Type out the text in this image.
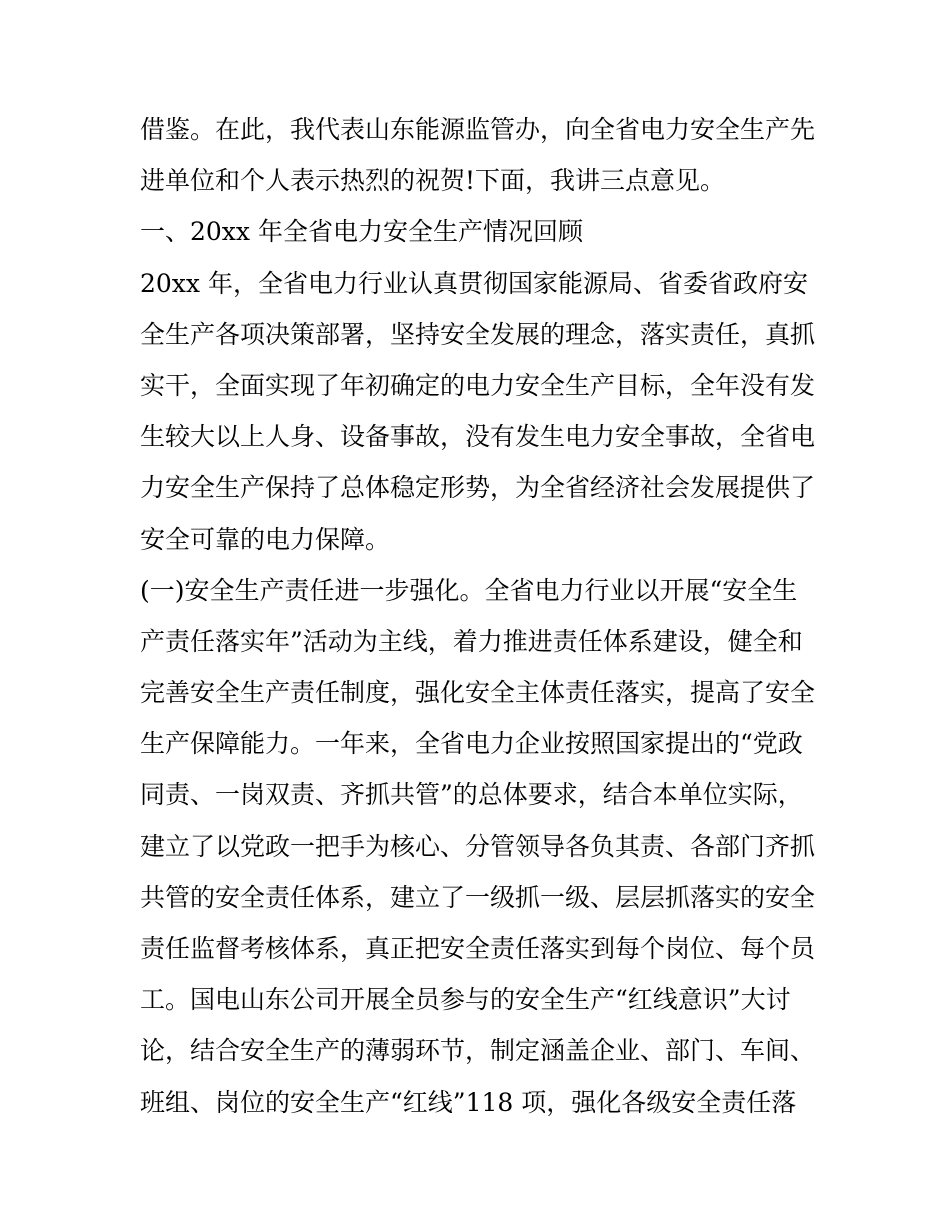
借鉴。在此，我代表山东能源监管办，向全省电力安全生产先
进单位和个人表示热烈的祝贺!下面，我讲三点意见。
一、20xx 年全省电力安全生产情况回顾
20xx 年，全省电力行业认真贯彻国家能源局、省委省政府安
全生产各项决策部署，坚持安全发展的理念，落实责任，真抓
实干，全面实现了年初确定的电力安全生产目标，全年没有发
生较大以上人身、设备事故，没有发生电力安全事故，全省电
力安全生产保持了总体稳定形势，为全省经济社会发展提供了
安全可靠的电力保障。
(一)安全生产责任进一步强化。全省电力行业以开展“安全生
产责任落实年”活动为主线，着力推进责任体系建设，健全和
完善安全生产责任制度，强化安全主体责任落实，提高了安全
生产保障能力。一年来，全省电力企业按照国家提出的“党政
同责、一岗双责、齐抓共管”的总体要求，结合本单位实际，
建立了以党政一把手为核心、分管领导各负其责、各部门齐抓
共管的安全责任体系，建立了一级抓一级、层层抓落实的安全
责任监督考核体系，真正把安全责任落实到每个岗位、每个员
工。国电山东公司开展全员参与的安全生产“红线意识”大讨
论，结合安全生产的薄弱环节，制定涵盖企业、部门、车间、
班组、岗位的安全生产“红线”118 项，强化各级安全责任落
